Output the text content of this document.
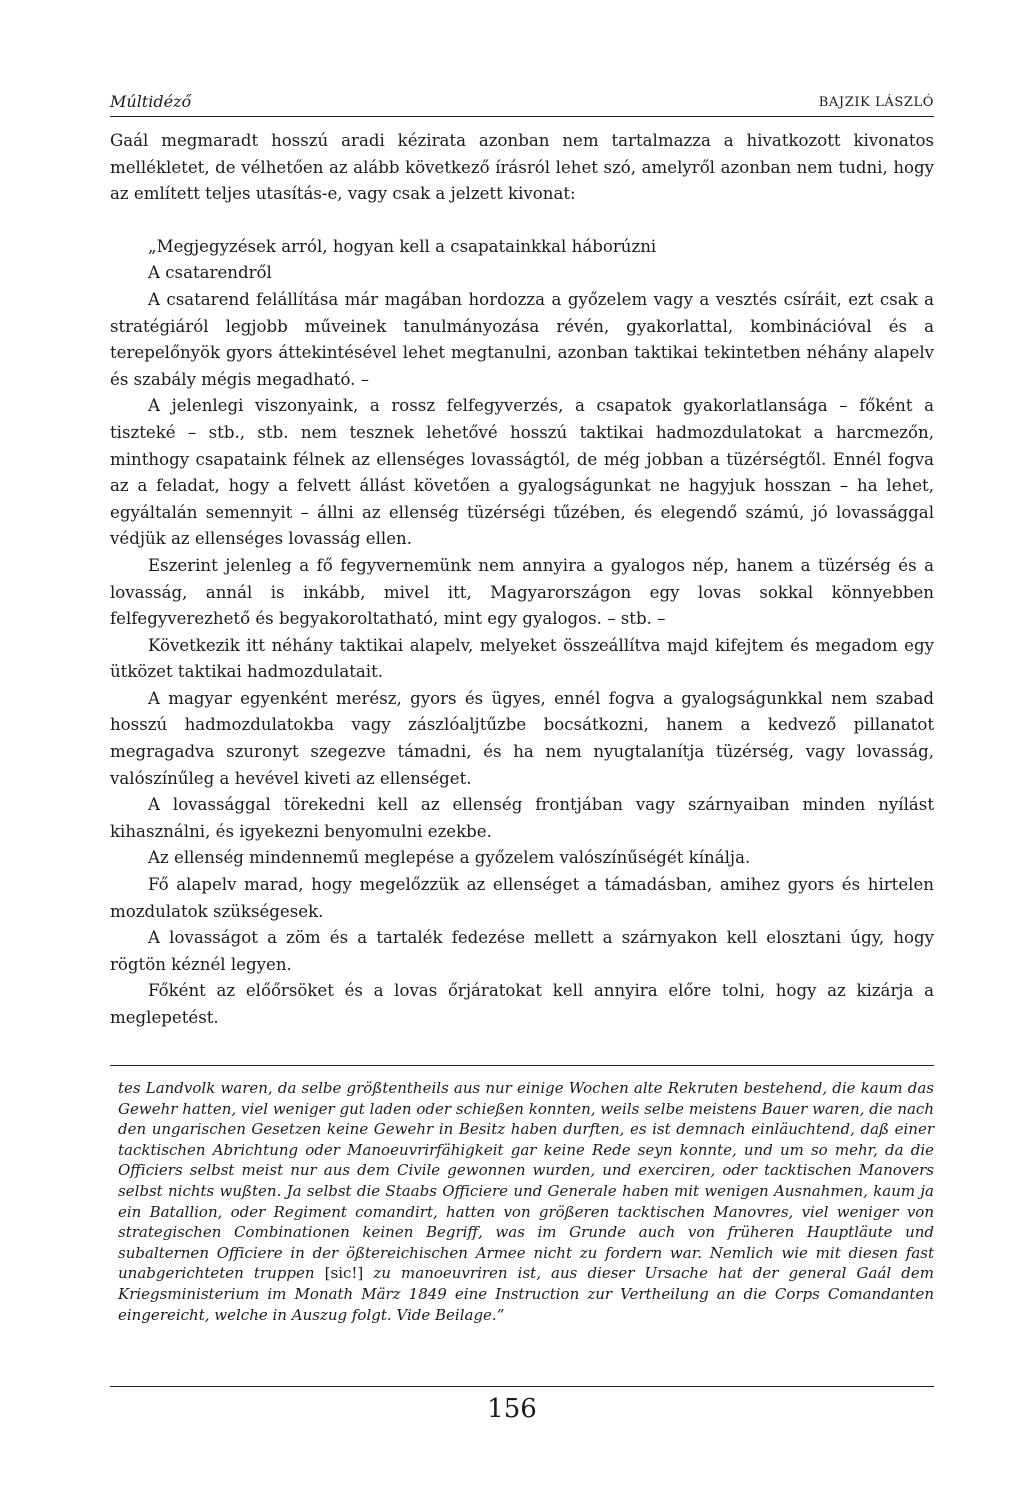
Múltidéző	BAJZIK LÁSZLÓ

Gaál megmaradt hosszú aradi kézirata azonban nem tartalmazza a hivatkozott kivonatos mellékletet, de vélhetően az alább következő írásról lehet szó, amelyről azonban nem tudni, hogy az említett teljes utasítás-e, vagy csak a jelzett kivonat:

„Megjegyzések arról, hogyan kell a csapatainkkal háborúzni

A csatarendről

A csatarend felállítása már magában hordozza a győzelem vagy a vesztés csíráit, ezt csak a stratégiáról legjobb műveinek tanulmányozása révén, gyakorlattal, kombinációval és a terepelőnyök gyors áttekintésével lehet megtanulni, azonban taktikai tekintetben néhány alapelv és szabály mégis megadható. –

A jelenlegi viszonyaink, a rossz felfegyverzés, a csapatok gyakorlatlansága – főként a tiszteké – stb., stb. nem tesznek lehetővé hosszú taktikai hadmozdulatokat a harcmezőn, minthogy csapataink félnek az ellenséges lovasságtól, de még jobban a tüzérségtől. Ennél fogva az a feladat, hogy a felvett állást követően a gyalogságunkat ne hagyjuk hosszan – ha lehet, egyáltalán semennyit – állni az ellenség tüzérségi tűzében, és elegendő számú, jó lovassággal védjük az ellenséges lovasság ellen.

Eszerint jelenleg a fő fegyvernemünk nem annyira a gyalogos nép, hanem a tüzérség és a lovasság, annál is inkább, mivel itt, Magyarországon egy lovas sokkal könnyebben felfegyverezhető és begyakoroltatható, mint egy gyalogos. – stb. –

Következik itt néhány taktikai alapelv, melyeket összeállítva majd kifejtem és megadom egy ütközet taktikai hadmozdulatait.

A magyar egyenként merész, gyors és ügyes, ennél fogva a gyalogságunkkal nem szabad hosszú hadmozdulatokba vagy zászlóaljtűzbe bocsátkozni, hanem a kedvező pillanatot megragadva szuronyt szegezve támadni, és ha nem nyugtalanítja tüzérség, vagy lovasság, valószínűleg a hevével kiveti az ellenséget.

A lovassággal törekedni kell az ellenség frontjában vagy szárnyaiban minden nyílást kihasználni, és igyekezni benyomulni ezekbe.

Az ellenség mindennemű meglepése a győzelem valószínűségét kínálja.

Fő alapelv marad, hogy megelőzzük az ellenséget a támadásban, amihez gyors és hirtelen mozdulatok szükségesek.

A lovasságot a zöm és a tartalék fedezése mellett a szárnyakon kell elosztani úgy, hogy rögtön kéznél legyen.

Főként az előőrsöket és a lovas őrjáratokat kell annyira előre tolni, hogy az kizárja a meglepetést.

tes Landvolk waren, da selbe größtentheils aus nur einige Wochen alte Rekruten bestehend, die kaum das Gewehr hatten, viel weniger gut laden oder schießen konnten, weils selbe meistens Bauer waren, die nach den ungarischen Gesetzen keine Gewehr in Besitz haben durften, es ist demnach einläuchtend, daß einer tacktischen Abrichtung oder Manoeuvrirfähigkeit gar keine Rede seyn konnte, und um so mehr, da die Officiers selbst meist nur aus dem Civile gewonnen wurden, und exerciren, oder tacktischen Manovers selbst nichts wußten. Ja selbst die Staabs Officiere und Generale haben mit wenigen Ausnahmen, kaum ja ein Batallion, oder Regiment comandirt, hatten von größeren tacktischen Manovres, viel weniger von strategischen Combinationen keinen Begriff, was im Grunde auch von früheren Hauptläute und subalternen Officiere in der ößtereichischen Armee nicht zu fordern war. Nemlich wie mit diesen fast unabgerichteten truppen [sic!] zu manoeuvriren ist, aus dieser Ursache hat der general Gaál dem Kriegsministerium im Monath März 1849 eine Instruction zur Vertheilung an die Corps Comandanten eingereicht, welche in Auszug folgt. Vide Beilage.”
156
